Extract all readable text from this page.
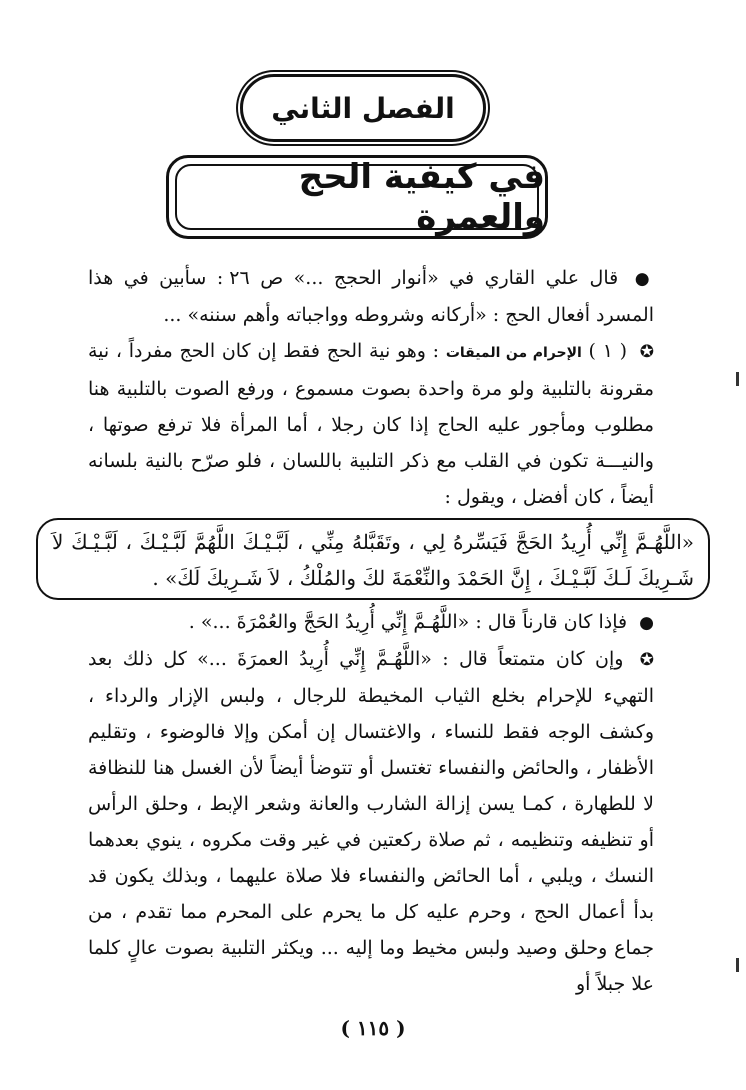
الفصل الثاني
في كيفية الحج والعمرة

● قال علي القاري في «أنوار الحجج ...» ص ٢٦ : سأبين في هذا المسرد أفعال الحج : «أركانه وشروطه وواجباته وأهم سننه» ...

✪ ( ١ ) الإحرام من الميقات : وهو نية الحج فقط إن كان الحج مفرداً ، نية مقرونة بالتلبية ولو مرة واحدة بصوت مسموع ، ورفع الصوت بالتلبية هنا مطلوب ومأجور عليه الحاج إذا كان رجلا ، أما المرأة فلا ترفع صوتها ، والنيـــة تكون في القلب مع ذكر التلبية باللسان ، فلو صرّح بالنية بلسانه أيضاً ، كان أفضل ، ويقول :

«اللَّهُـمَّ إِنِّي أُرِيدُ الحَجَّ فَيَسِّرهُ لِي ، وتَقَبَّلهُ مِنِّي ، لَبَّـيْـكَ اللَّهُمَّ لَبَّـيْـكَ ، لَبَّـيْـكَ لاَ شَـرِيكَ لَـكَ لَبَّـيْـكَ ، إِنَّ الحَمْدَ والنِّعْمَةَ لكَ والمُلْكُ ، لاَ شَـرِيكَ لَكَ» .

● فإذا كان قارناً قال : «اللَّهُـمَّ إِنِّي أُرِيدُ الحَجَّ والعُمْرَةَ ...» .

✪ وإن كان متمتعاً قال : «اللَّهُـمَّ إِنِّي أُرِيدُ العمرَةَ ...» كل ذلك بعد التهيء للإحرام بخلع الثياب المخيطة للرجال ، ولبس الإزار والرداء ، وكشف الوجه فقط للنساء ، والاغتسال إن أمكن وإلا فالوضوء ، وتقليم الأظفار ، والحائض والنفساء تغتسل أو تتوضأ أيضاً لأن الغسل هنا للنظافة لا للطهارة ، كمـا يسن إزالة الشارب والعانة وشعر الإبط ، وحلق الرأس أو تنظيفه وتنظيمه ، ثم صلاة ركعتين في غير وقت مكروه ، ينوي بعدهما النسك ، ويلبي ، أما الحائض والنفساء فلا صلاة عليهما ، وبذلك يكون قد بدأ أعمال الحج ، وحرم عليه كل ما يحرم على المحرم مما تقدم ، من جماع وحلق وصيد ولبس مخيط وما إليه ... ويكثر التلبية بصوت عالٍ كلما علا جبلاً أو

( ١١٥ )
